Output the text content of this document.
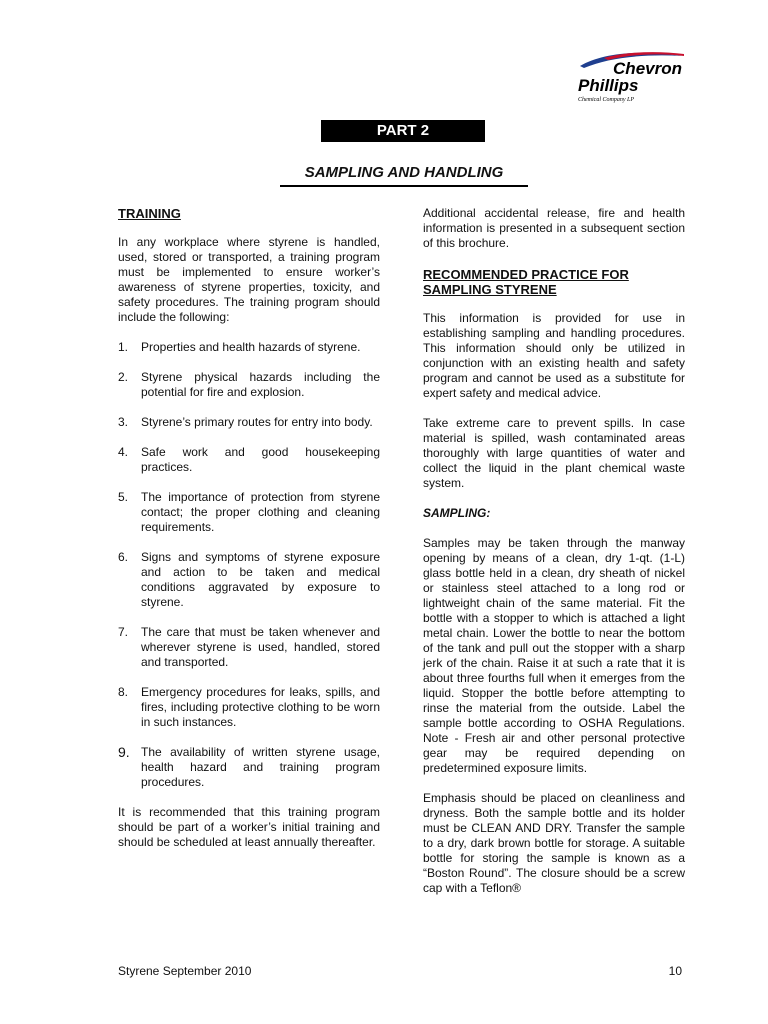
Chevron
Phillips
Chemical Company LP
PART 2
SAMPLING AND HANDLING
TRAINING

In any workplace where styrene is handled, used, stored or transported, a training program must be implemented to ensure worker’s awareness of styrene properties, toxicity, and safety procedures. The training program should include the following:

1. Properties and health hazards of styrene.
2. Styrene physical hazards including the potential for fire and explosion.
3. Styrene’s primary routes for entry into body.
4. Safe work and good housekeeping practices.
5. The importance of protection from styrene contact; the proper clothing and cleaning requirements.
6. Signs and symptoms of styrene exposure and action to be taken and medical conditions aggravated by exposure to styrene.
7. The care that must be taken whenever and wherever styrene is used, handled, stored and transported.
8. Emergency procedures for leaks, spills, and fires, including protective clothing to be worn in such instances.
9. The availability of written styrene usage, health hazard and training program procedures.

It is recommended that this training program should be part of a worker’s initial training and should be scheduled at least annually thereafter.

Additional accidental release, fire and health information is presented in a subsequent section of this brochure.

RECOMMENDED PRACTICE FOR SAMPLING STYRENE

This information is provided for use in establishing sampling and handling procedures. This information should only be utilized in conjunction with an existing health and safety program and cannot be used as a substitute for expert safety and medical advice.

Take extreme care to prevent spills. In case material is spilled, wash contaminated areas thoroughly with large quantities of water and collect the liquid in the plant chemical waste system.

SAMPLING:

Samples may be taken through the manway opening by means of a clean, dry 1-qt. (1-L) glass bottle held in a clean, dry sheath of nickel or stainless steel attached to a long rod or lightweight chain of the same material. Fit the bottle with a stopper to which is attached a light metal chain. Lower the bottle to near the bottom of the tank and pull out the stopper with a sharp jerk of the chain. Raise it at such a rate that it is about three fourths full when it emerges from the liquid. Stopper the bottle before attempting to rinse the material from the outside. Label the sample bottle according to OSHA Regulations. Note - Fresh air and other personal protective gear may be required depending on predetermined exposure limits.

Emphasis should be placed on cleanliness and dryness. Both the sample bottle and its holder must be CLEAN AND DRY. Transfer the sample to a dry, dark brown bottle for storage. A suitable bottle for storing the sample is known as a “Boston Round”. The closure should be a screw cap with a Teflon®

Styrene September 2010	10
